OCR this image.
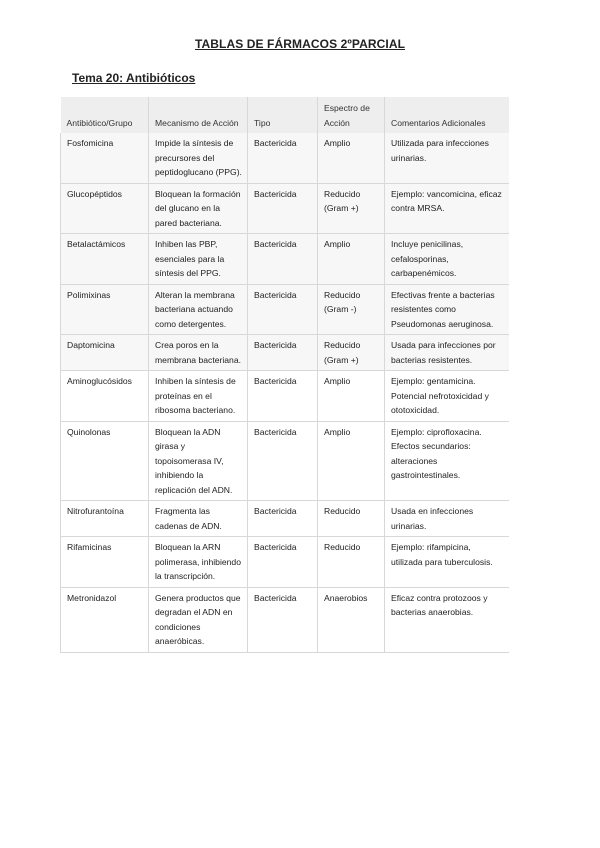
TABLAS DE FÁRMACOS 2ºPARCIAL
Tema 20: Antibióticos
Antibiótico/Grupo	Mecanismo de Acción	Tipo	Espectro de Acción	Comentarios Adicionales
Fosfomicina	Impide la síntesis de precursores del peptidoglucano (PPG).	Bactericida	Amplio	Utilizada para infecciones urinarias.
Glucopéptidos	Bloquean la formación del glucano en la pared bacteriana.	Bactericida	Reducido (Gram +)	Ejemplo: vancomicina, eficaz contra MRSA.
Betalactámicos	Inhiben las PBP, esenciales para la síntesis del PPG.	Bactericida	Amplio	Incluye penicilinas, cefalosporinas, carbapenémicos.
Polimixinas	Alteran la membrana bacteriana actuando como detergentes.	Bactericida	Reducido (Gram -)	Efectivas frente a bacterias resistentes como Pseudomonas aeruginosa.
Daptomicina	Crea poros en la membrana bacteriana.	Bactericida	Reducido (Gram +)	Usada para infecciones por bacterias resistentes.
Aminoglucósidos	Inhiben la síntesis de proteínas en el ribosoma bacteriano.	Bactericida	Amplio	Ejemplo: gentamicina. Potencial nefrotoxicidad y ototoxicidad.
Quinolonas	Bloquean la ADN girasa y topoisomerasa IV, inhibiendo la replicación del ADN.	Bactericida	Amplio	Ejemplo: ciprofloxacina. Efectos secundarios: alteraciones gastrointestinales.
Nitrofurantoína	Fragmenta las cadenas de ADN.	Bactericida	Reducido	Usada en infecciones urinarias.
Rifamicinas	Bloquean la ARN polimerasa, inhibiendo la transcripción.	Bactericida	Reducido	Ejemplo: rifampicina, utilizada para tuberculosis.
Metronidazol	Genera productos que degradan el ADN en condiciones anaeróbicas.	Bactericida	Anaerobios	Eficaz contra protozoos y bacterias anaerobias.
